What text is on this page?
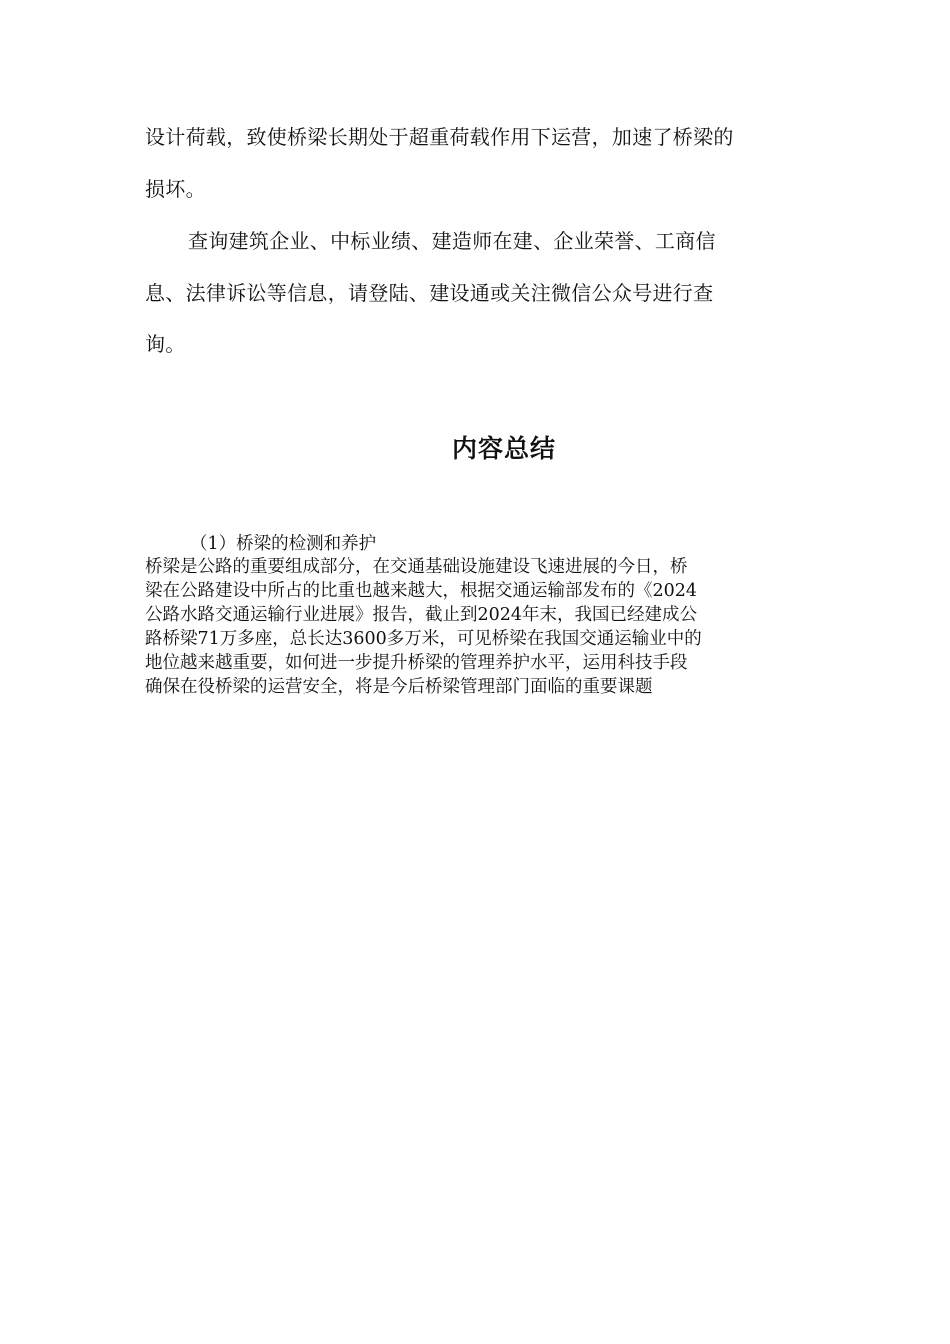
设计荷载，致使桥梁长期处于超重荷载作用下运营，加速了桥梁的

损坏。

查询建筑企业、中标业绩、建造师在建、企业荣誉、工商信

息、法律诉讼等信息，请登陆、建设通或关注微信公众号进行查

询。

内容总结

（1）桥梁的检测和养护

桥梁是公路的重要组成部分，在交通基础设施建设飞速进展的今日，桥

梁在公路建设中所占的比重也越来越大，根据交通运输部发布的《2024

公路水路交通运输行业进展》报告，截止到2024年末，我国已经建成公

路桥梁71万多座，总长达3600多万米，可见桥梁在我国交通运输业中的

地位越来越重要，如何进一步提升桥梁的管理养护水平，运用科技手段

确保在役桥梁的运营安全，将是今后桥梁管理部门面临的重要课题
